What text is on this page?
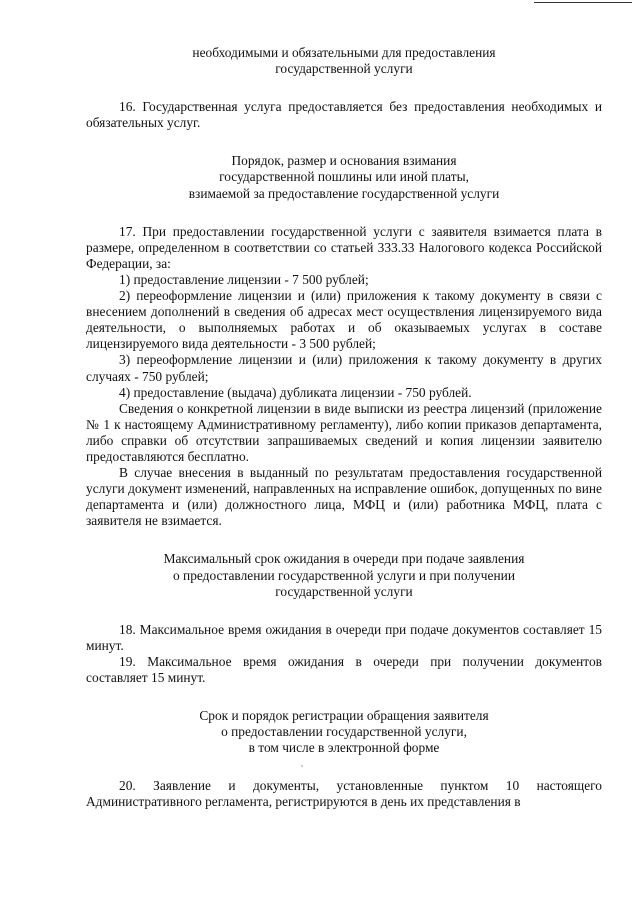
необходимыми и обязательными для предоставления
государственной услуги

16. Государственная услуга предоставляется без предоставления необходимых и обязательных услуг.

Порядок, размер и основания взимания
государственной пошлины или иной платы,
взимаемой за предоставление государственной услуги

17. При предоставлении государственной услуги с заявителя взимается плата в размере, определенном в соответствии со статьей 333.33 Налогового кодекса Российской Федерации, за:

1) предоставление лицензии - 7 500 рублей;

2) переоформление лицензии и (или) приложения к такому документу в связи с внесением дополнений в сведения об адресах мест осуществления лицензируемого вида деятельности, о выполняемых работах и об оказываемых услугах в составе лицензируемого вида деятельности - 3 500 рублей;

3) переоформление лицензии и (или) приложения к такому документу в других случаях - 750 рублей;

4) предоставление (выдача) дубликата лицензии - 750 рублей.

Сведения о конкретной лицензии в виде выписки из реестра лицензий (приложение № 1 к настоящему Административному регламенту), либо копии приказов департамента, либо справки об отсутствии запрашиваемых сведений и копия лицензии заявителю предоставляются бесплатно.

В случае внесения в выданный по результатам предоставления государственной услуги документ изменений, направленных на исправление ошибок, допущенных по вине департамента и (или) должностного лица, МФЦ и (или) работника МФЦ, плата с заявителя не взимается.

Максимальный срок ожидания в очереди при подаче заявления
о предоставлении государственной услуги и при получении
государственной услуги

18. Максимальное время ожидания в очереди при подаче документов составляет 15 минут.

19. Максимальное время ожидания в очереди при получении документов составляет 15 минут.

Срок и порядок регистрации обращения заявителя
о предоставлении государственной услуги,
в том числе в электронной форме

20. Заявление и документы, установленные пунктом 10 настоящего Административного регламента, регистрируются в день их представления в
